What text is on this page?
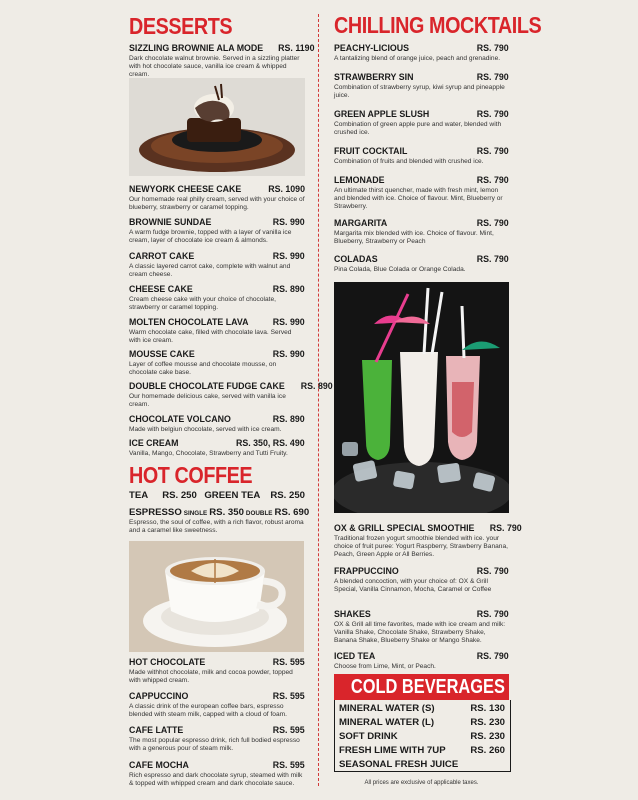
DESSERTS
SIZZLING BROWNIE ALA MODE RS. 1190
Dark chocolate walnut brownie. Served in a sizzling platter with hot chocolate sauce, vanilla ice cream & whipped cream.
NEWYORK CHEESE CAKE	RS. 1090
Our homemade real philly cream, served with your choice of blueberry, strawberry or caramel topping.
BROWNIE SUNDAE	RS. 990
A warm fudge brownie, topped with a layer of vanilla ice cream, layer of chocolate ice cream & almonds.
CARROT CAKE	RS. 990
A classic layered carrot cake, complete with walnut and cream cheese.
CHEESE CAKE	RS. 890
Cream cheese cake with your choice of chocolate, strawberry or caramel topping.
MOLTEN CHOCOLATE LAVA	RS. 990
Warm chocolate cake, filled with chocolate lava. Served with ice cream.
MOUSSE CAKE	RS. 990
Layer of coffee mousse and chocolate mousse, on chocolate cake base.
DOUBLE CHOCOLATE FUDGE CAKE RS. 890
Our homemade delicious cake, served with vanilla ice cream.
CHOCOLATE VOLCANO	RS. 890
Made with belgiun chocolate, served with ice cream.
ICE CREAM	RS. 350, RS. 490
Vanilla, Mango, Chocolate, Strawberry and Tutti Fruity.
HOT COFFEE
TEA RS. 250 GREEN TEA RS. 250
ESPRESSO SINGLE RS. 350 DOUBLE RS. 690
Espresso, the soul of coffee, with a rich flavor, robust aroma and a caramel like sweetness.
HOT CHOCOLATE	RS. 595
Made withhot chocolate, milk and cocoa powder, topped with whipped cream.
CAPPUCCINO	RS. 595
A classic drink of the european coffee bars, espresso blended with steam milk, capped with a cloud of foam.
CAFE LATTE	RS. 595
The most popular espresso drink, rich full bodied espresso with a generous pour of steam milk.
CAFE MOCHA	RS. 595
Rich espresso and dark chocolate syrup, steamed with milk & topped with whipped cream and dark chocolate sauce.
CHILLING MOCKTAILS
PEACHY-LICIOUS	RS. 790
A tantalizing blend of orange juice, peach and grenadine.
STRAWBERRY SIN	RS. 790
Combination of strawberry syrup, kiwi syrup and pineapple juice.
GREEN APPLE SLUSH	RS. 790
Combination of green apple pure and water, blended with crushed ice.
FRUIT COCKTAIL	RS. 790
Combination of fruits and blended with crushed ice.
LEMONADE	RS. 790
An ultimate thirst quencher, made with fresh mint, lemon and blended with ice. Choice of flavour. Mint, Blueberry or Strawberry.
MARGARITA	RS. 790
Margarita mix blended with ice. Choice of flavour. Mint, Blueberry, Strawberry or Peach
COLADAS	RS. 790
Pina Colada, Blue Colada or Orange Colada.
OX & GRILL SPECIAL SMOOTHIE RS. 790
Traditional frozen yogurt smoothie blended with ice. your choice of fruit puree: Yogurt Raspberry, Strawberry Banana, Peach, Green Apple or All Berries.
FRAPPUCCINO	RS. 790
A blended concoction, with your choice of: OX & Grill Special, Vanilla Cinnamon, Mocha, Caramel or Coffee
SHAKES	RS. 790
OX & Grill all time favorites, made with ice cream and milk: Vanilla Shake, Chocolate Shake, Strawberry Shake, Banana Shake, Blueberry Shake or Mango Shake.
ICED TEA	RS. 790
Choose from Lime, Mint, or Peach.
COLD BEVERAGES
MINERAL WATER (S)	RS. 130
MINERAL WATER (L)	RS. 230
SOFT DRINK	RS. 230
FRESH LIME WITH 7UP	RS. 260
SEASONAL FRESH JUICE
All prices are exclusive of applicable taxes.
